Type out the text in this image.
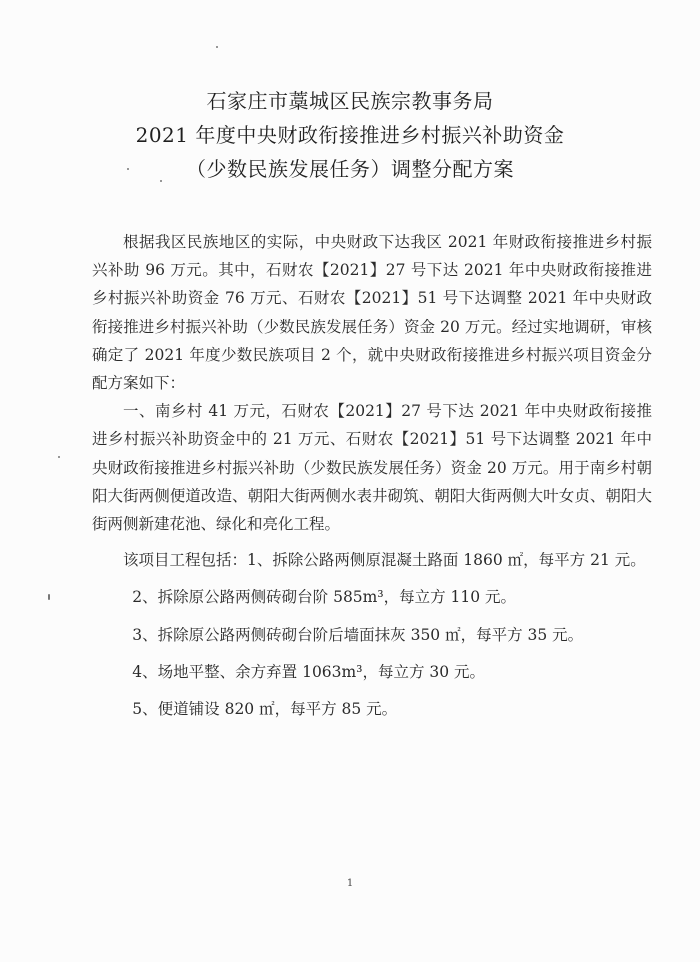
石家庄市藁城区民族宗教事务局
2021 年度中央财政衔接推进乡村振兴补助资金
（少数民族发展任务）调整分配方案

根据我区民族地区的实际，中央财政下达我区 2021 年财政衔接推进乡村振兴补助 96 万元。其中，石财农【2021】27 号下达 2021 年中央财政衔接推进乡村振兴补助资金 76 万元、石财农【2021】51 号下达调整 2021 年中央财政衔接推进乡村振兴补助（少数民族发展任务）资金 20 万元。经过实地调研，审核确定了 2021 年度少数民族项目 2 个，就中央财政衔接推进乡村振兴项目资金分配方案如下：

一、南乡村 41 万元，石财农【2021】27 号下达 2021 年中央财政衔接推进乡村振兴补助资金中的 21 万元、石财农【2021】51 号下达调整 2021 年中央财政衔接推进乡村振兴补助（少数民族发展任务）资金 20 万元。用于南乡村朝阳大街两侧便道改造、朝阳大街两侧水表井砌筑、朝阳大街两侧大叶女贞、朝阳大街两侧新建花池、绿化和亮化工程。

该项目工程包括：1、拆除公路两侧原混凝土路面 1860 ㎡，每平方 21 元。

2、拆除原公路两侧砖砌台阶 585m³，每立方 110 元。

3、拆除原公路两侧砖砌台阶后墙面抹灰 350 ㎡，每平方 35 元。

4、场地平整、余方弃置 1063m³，每立方 30 元。

5、便道铺设 820 ㎡，每平方 85 元。

1
